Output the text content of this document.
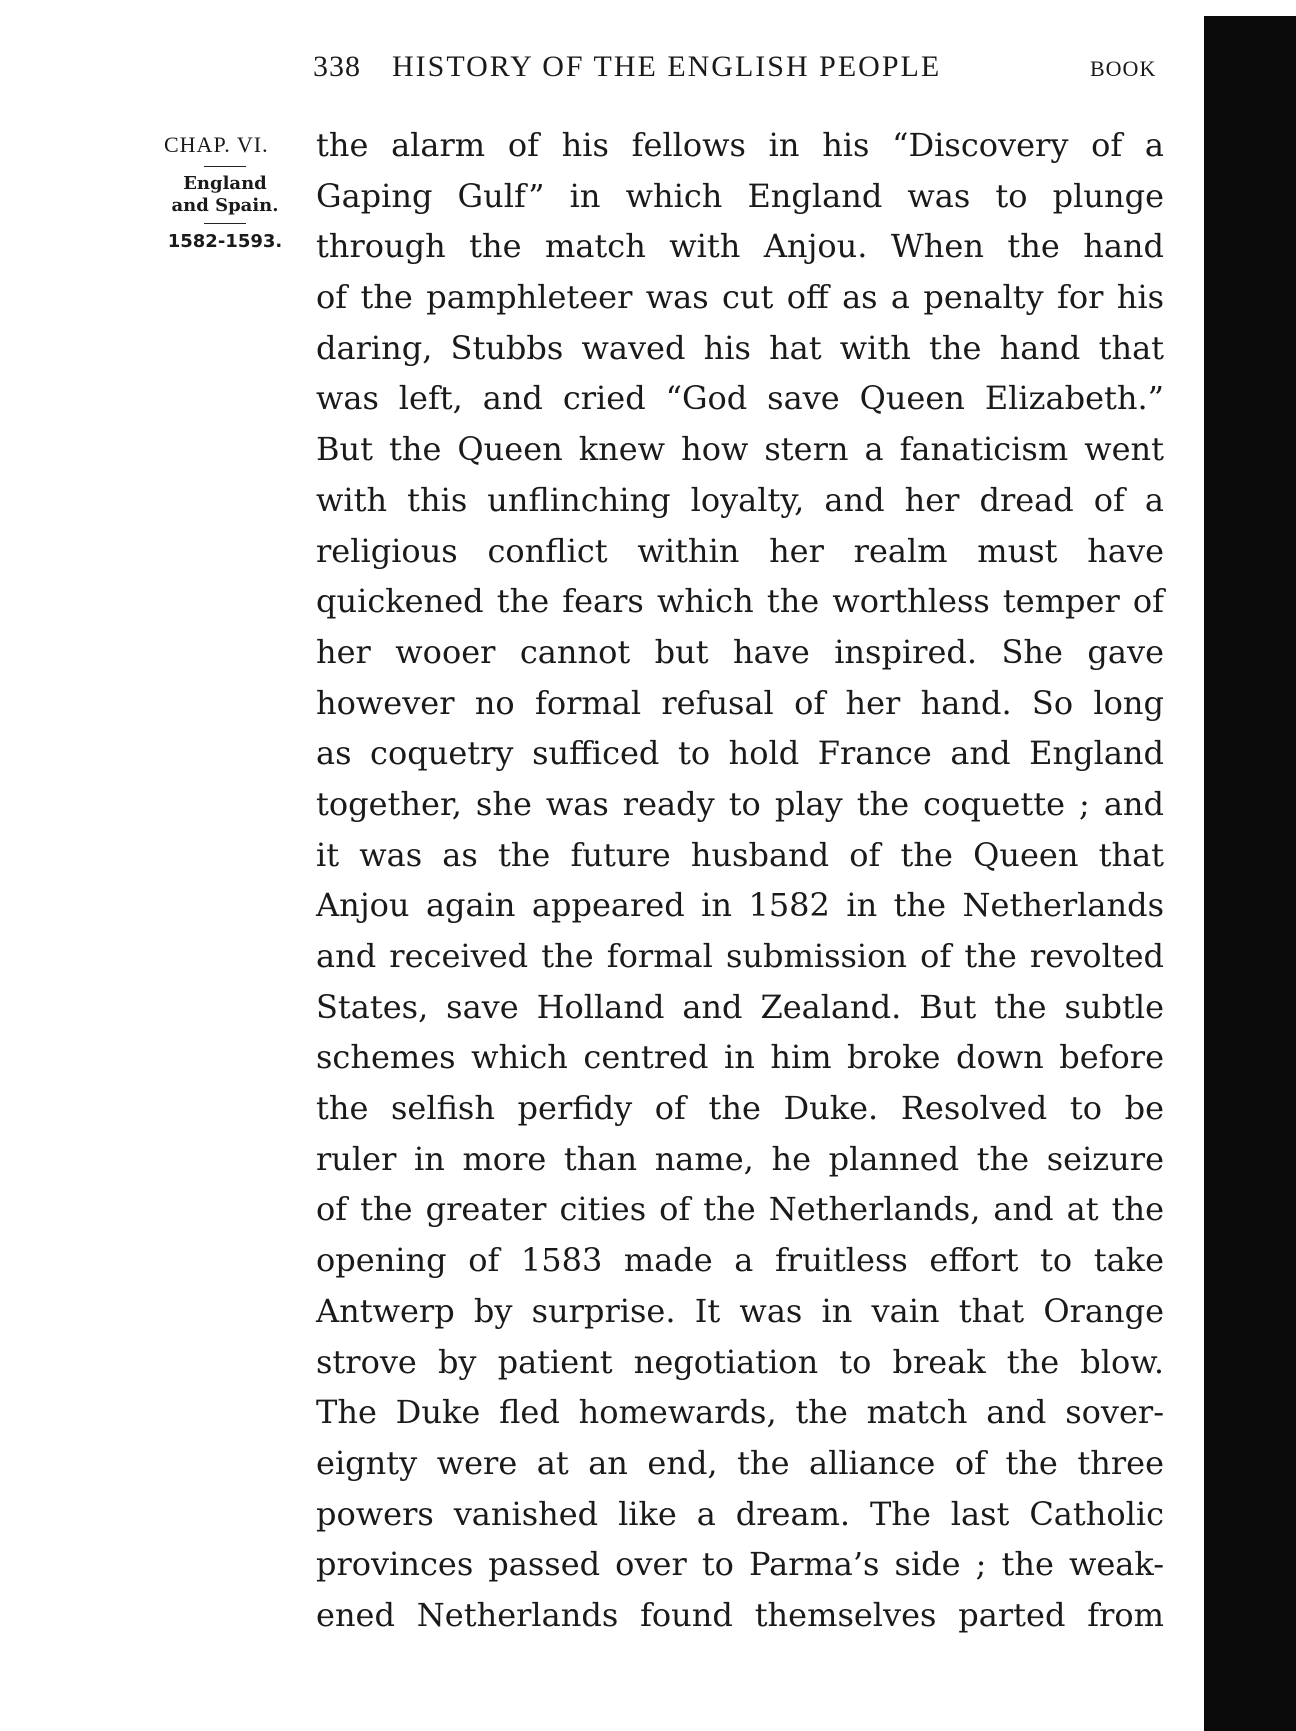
338 HISTORY OF THE ENGLISH PEOPLE	BOOK
CHAP. VI.
England
and Spain.
1582-1593.
the alarm of his fellows in his “Discovery of a
Gaping Gulf” in which England was to plunge
through the match with Anjou. When the hand
of the pamphleteer was cut off as a penalty for his
daring, Stubbs waved his hat with the hand that
was left, and cried “God save Queen Elizabeth.”
But the Queen knew how stern a fanaticism went
with this unflinching loyalty, and her dread of a
religious conflict within her realm must have
quickened the fears which the worthless temper of
her wooer cannot but have inspired. She gave
however no formal refusal of her hand. So long
as coquetry sufficed to hold France and England
together, she was ready to play the coquette ; and
it was as the future husband of the Queen that
Anjou again appeared in 1582 in the Netherlands
and received the formal submission of the revolted
States, save Holland and Zealand. But the subtle
schemes which centred in him broke down before
the selfish perfidy of the Duke. Resolved to be
ruler in more than name, he planned the seizure
of the greater cities of the Netherlands, and at the
opening of 1583 made a fruitless effort to take
Antwerp by surprise. It was in vain that Orange
strove by patient negotiation to break the blow.
The Duke fled homewards, the match and sover-
eignty were at an end, the alliance of the three
powers vanished like a dream. The last Catholic
provinces passed over to Parma’s side ; the weak-
ened Netherlands found themselves parted from
